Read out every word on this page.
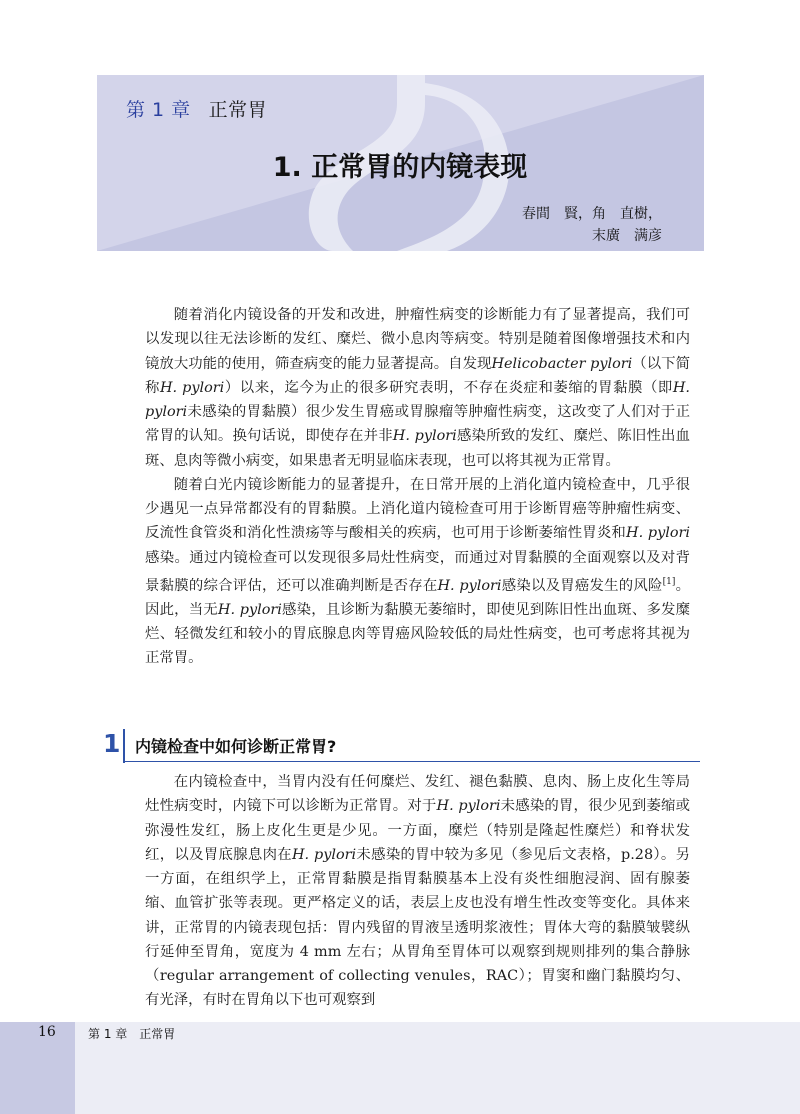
第 1 章 正常胃
1. 正常胃的内镜表现
春間　賢，角　直樹，
末廣　满彦

随着消化内镜设备的开发和改进，肿瘤性病变的诊断能力有了显著提高，我们可以发现以往无法诊断的发红、糜烂、微小息肉等病变。特别是随着图像增强技术和内镜放大功能的使用，筛查病变的能力显著提高。自发现Helicobacter pylori（以下简称H. pylori）以来，迄今为止的很多研究表明，不存在炎症和萎缩的胃黏膜（即H. pylori未感染的胃黏膜）很少发生胃癌或胃腺瘤等肿瘤性病变，这改变了人们对于正常胃的认知。换句话说，即使存在并非H. pylori感染所致的发红、糜烂、陈旧性出血斑、息肉等微小病变，如果患者无明显临床表现，也可以将其视为正常胃。

随着白光内镜诊断能力的显著提升，在日常开展的上消化道内镜检查中，几乎很少遇见一点异常都没有的胃黏膜。上消化道内镜检查可用于诊断胃癌等肿瘤性病变、反流性食管炎和消化性溃疡等与酸相关的疾病，也可用于诊断萎缩性胃炎和H. pylori感染。通过内镜检查可以发现很多局灶性病变，而通过对胃黏膜的全面观察以及对背景黏膜的综合评估，还可以准确判断是否存在H. pylori感染以及胃癌发生的风险[1]。因此，当无H. pylori感染，且诊断为黏膜无萎缩时，即使见到陈旧性出血斑、多发糜烂、轻微发红和较小的胃底腺息肉等胃癌风险较低的局灶性病变，也可考虑将其视为正常胃。

1 内镜检查中如何诊断正常胃?

在内镜检查中，当胃内没有任何糜烂、发红、褪色黏膜、息肉、肠上皮化生等局灶性病变时，内镜下可以诊断为正常胃。对于H. pylori未感染的胃，很少见到萎缩或弥漫性发红，肠上皮化生更是少见。一方面，糜烂（特别是隆起性糜烂）和脊状发红，以及胃底腺息肉在H. pylori未感染的胃中较为多见（参见后文表格，p.28）。另一方面，在组织学上，正常胃黏膜是指胃黏膜基本上没有炎性细胞浸润、固有腺萎缩、血管扩张等表现。更严格定义的话，表层上皮也没有增生性改变等变化。具体来讲，正常胃的内镜表现包括：胃内残留的胃液呈透明浆液性；胃体大弯的黏膜皱襞纵行延伸至胃角，宽度为 4 mm 左右；从胃角至胃体可以观察到规则排列的集合静脉（regular arrangement of collecting venules，RAC）；胃窦和幽门黏膜均匀、有光泽，有时在胃角以下也可观察到

16	第 1 章　正常胃
